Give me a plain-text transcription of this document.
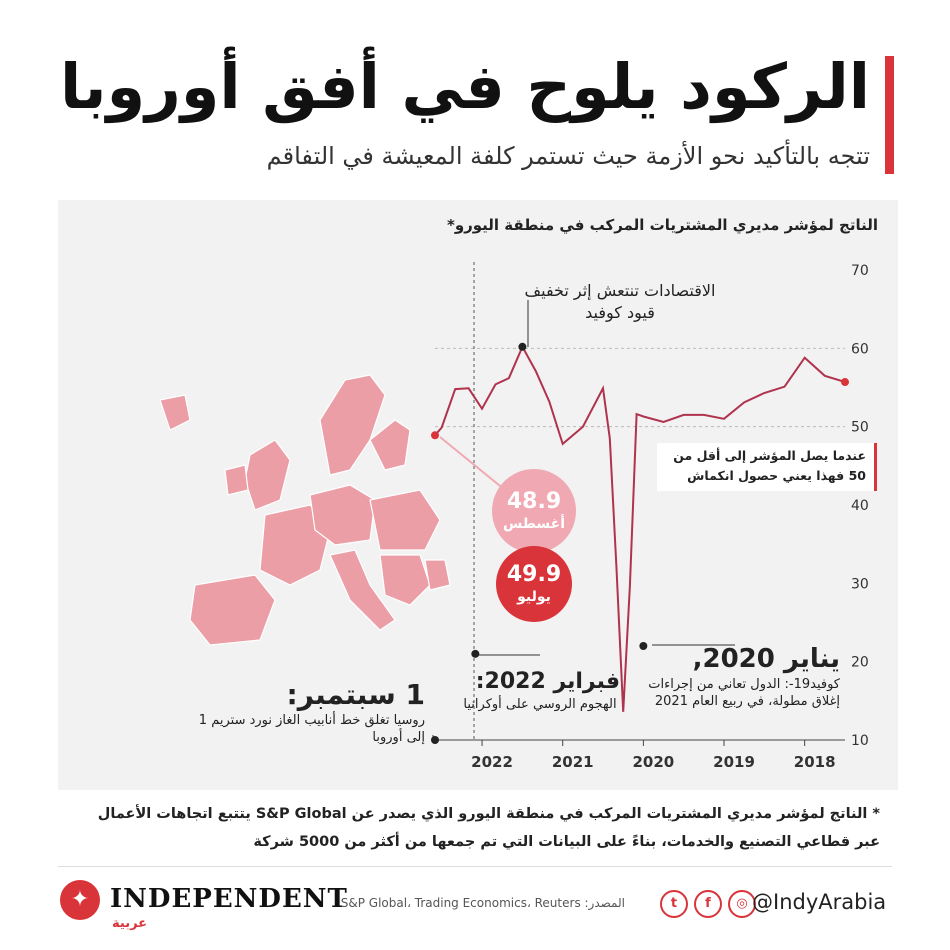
الركود يلوح في أفق أوروبا
تتجه بالتأكيد نحو الأزمة حيث تستمر كلفة المعيشة في التفاقم
70
60
50
40
30
20
10
2018
2019
2020
2021
2022
الناتج لمؤشر مديري المشتريات المركب في منطقة اليورو*
الاقتصادات تنتعش إثر تخفيف قيود كوفيد
عندما يصل المؤشر إلى أقل من 50 فهذا يعني حصول انكماش
48.9
أغسطس
49.9
يوليو
يناير 2020,
كوفيد19-: الدول تعاني من إجراءات إغلاق مطولة، في ربيع العام 2021
فبراير 2022:
الهجوم الروسي على أوكرانيا
1 سبتمبر:
روسيا تغلق خط أنابيب الغاز نورد ستريم 1 إلى أوروبا
* الناتج لمؤشر مديري المشتريات المركب في منطقة اليورو الذي يصدر عن S&P Global يتتبع اتجاهات الأعمال عبر قطاعي التصنيع والخدمات، بناءً على البيانات التي تم جمعها من أكثر من 5000 شركة
✦ INDEPENDENT
عربية
المصدر: S&P Global، Trading Economics، Reuters	t	f	◎ @IndyArabia
